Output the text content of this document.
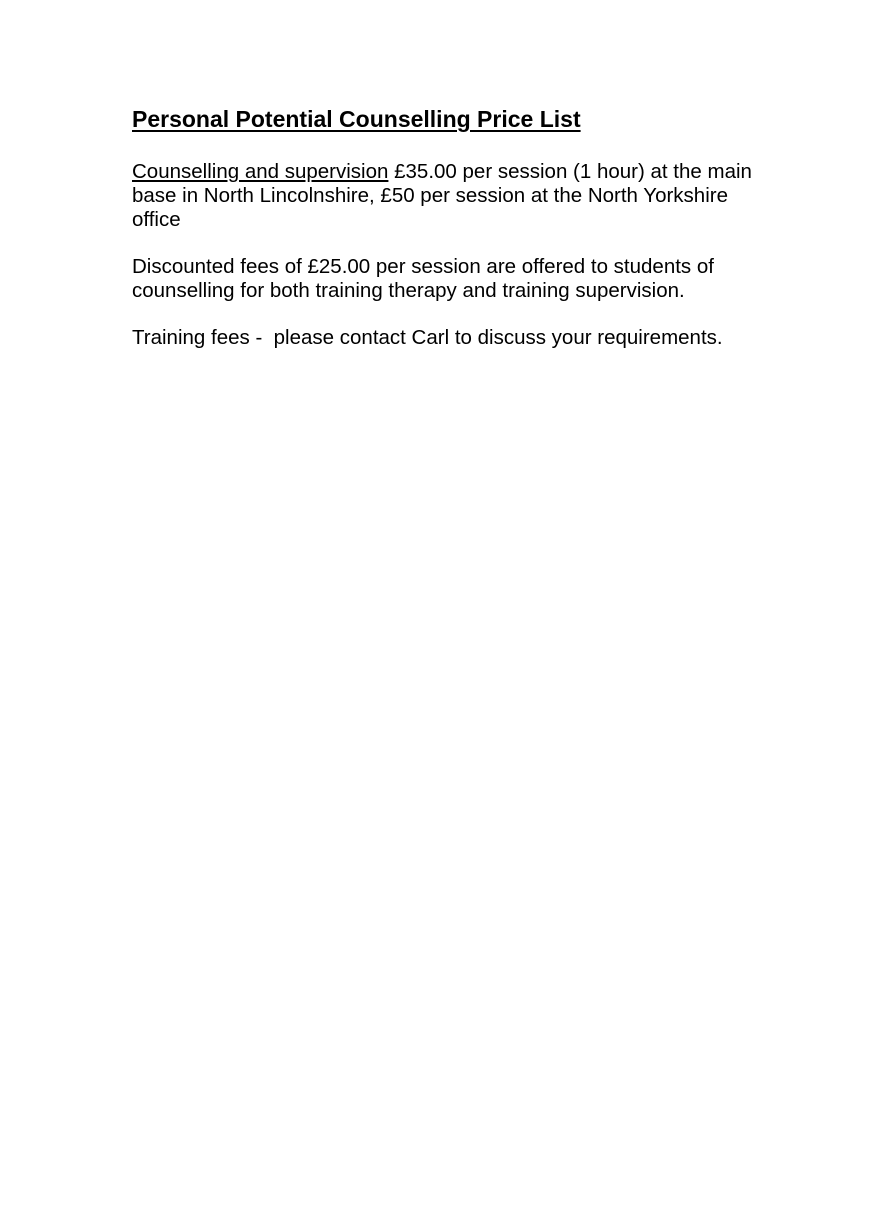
Personal Potential Counselling Price List

Counselling and supervision £35.00 per session (1 hour) at the main base in North Lincolnshire, £50 per session at the North Yorkshire office

Discounted fees of £25.00 per session are offered to students of counselling for both training therapy and training supervision.

Training fees -  please contact Carl to discuss your requirements.
